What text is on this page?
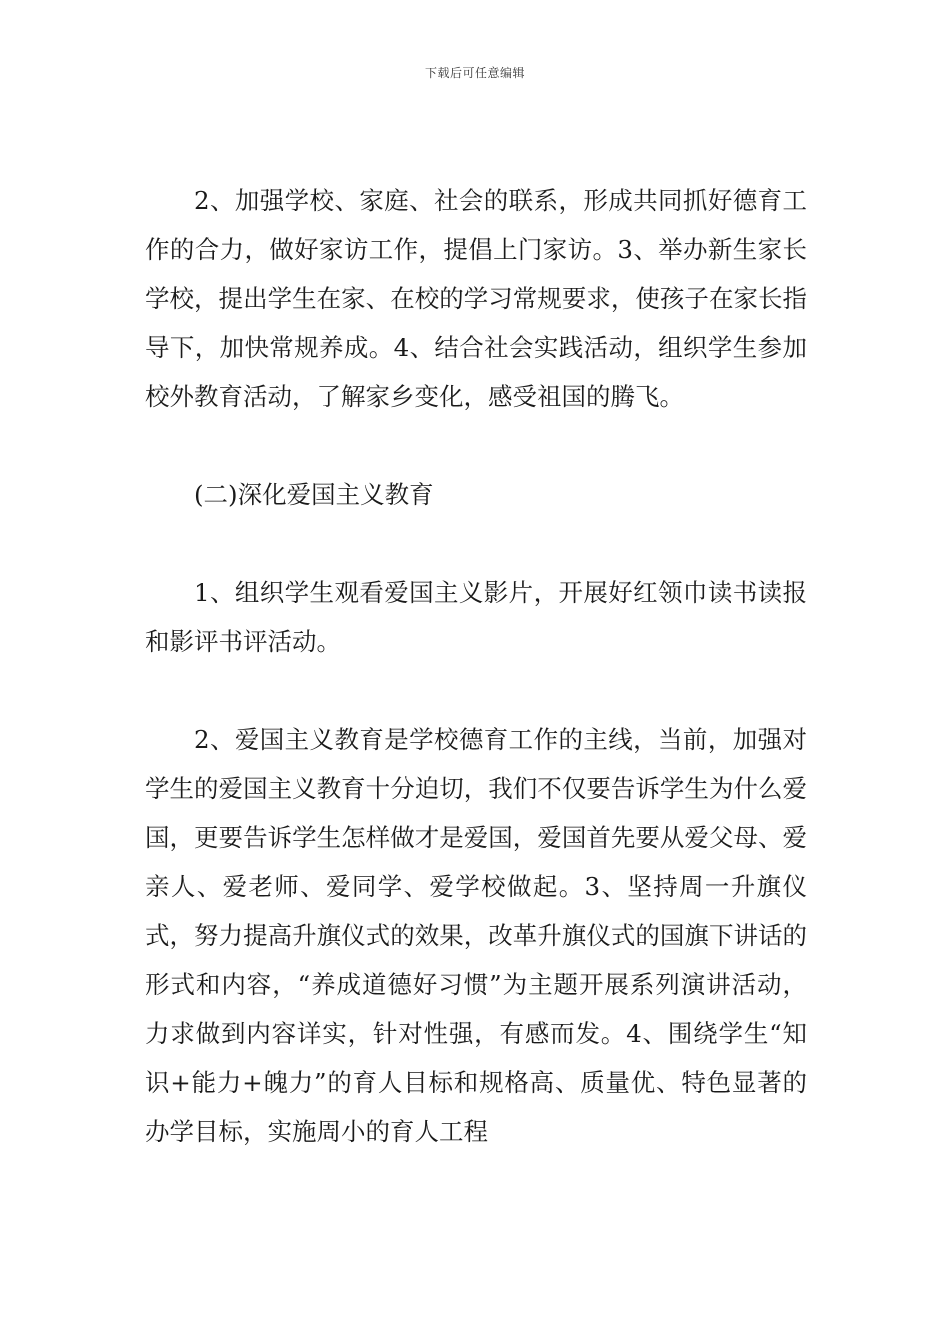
下载后可任意编辑

2、加强学校、家庭、社会的联系，形成共同抓好德育工作的合力，做好家访工作，提倡上门家访。3、举办新生家长学校，提出学生在家、在校的学习常规要求，使孩子在家长指导下，加快常规养成。4、结合社会实践活动，组织学生参加校外教育活动，了解家乡变化，感受祖国的腾飞。

(二)深化爱国主义教育

1、组织学生观看爱国主义影片，开展好红领巾读书读报和影评书评活动。

2、爱国主义教育是学校德育工作的主线，当前，加强对学生的爱国主义教育十分迫切，我们不仅要告诉学生为什么爱国，更要告诉学生怎样做才是爱国，爱国首先要从爱父母、爱亲人、爱老师、爱同学、爱学校做起。3、坚持周一升旗仪式，努力提高升旗仪式的效果，改革升旗仪式的国旗下讲话的形式和内容，“养成道德好习惯”为主题开展系列演讲活动，力求做到内容详实，针对性强，有感而发。4、围绕学生“知识+能力+魄力”的育人目标和规格高、质量优、特色显著的办学目标，实施周小的育人工程
